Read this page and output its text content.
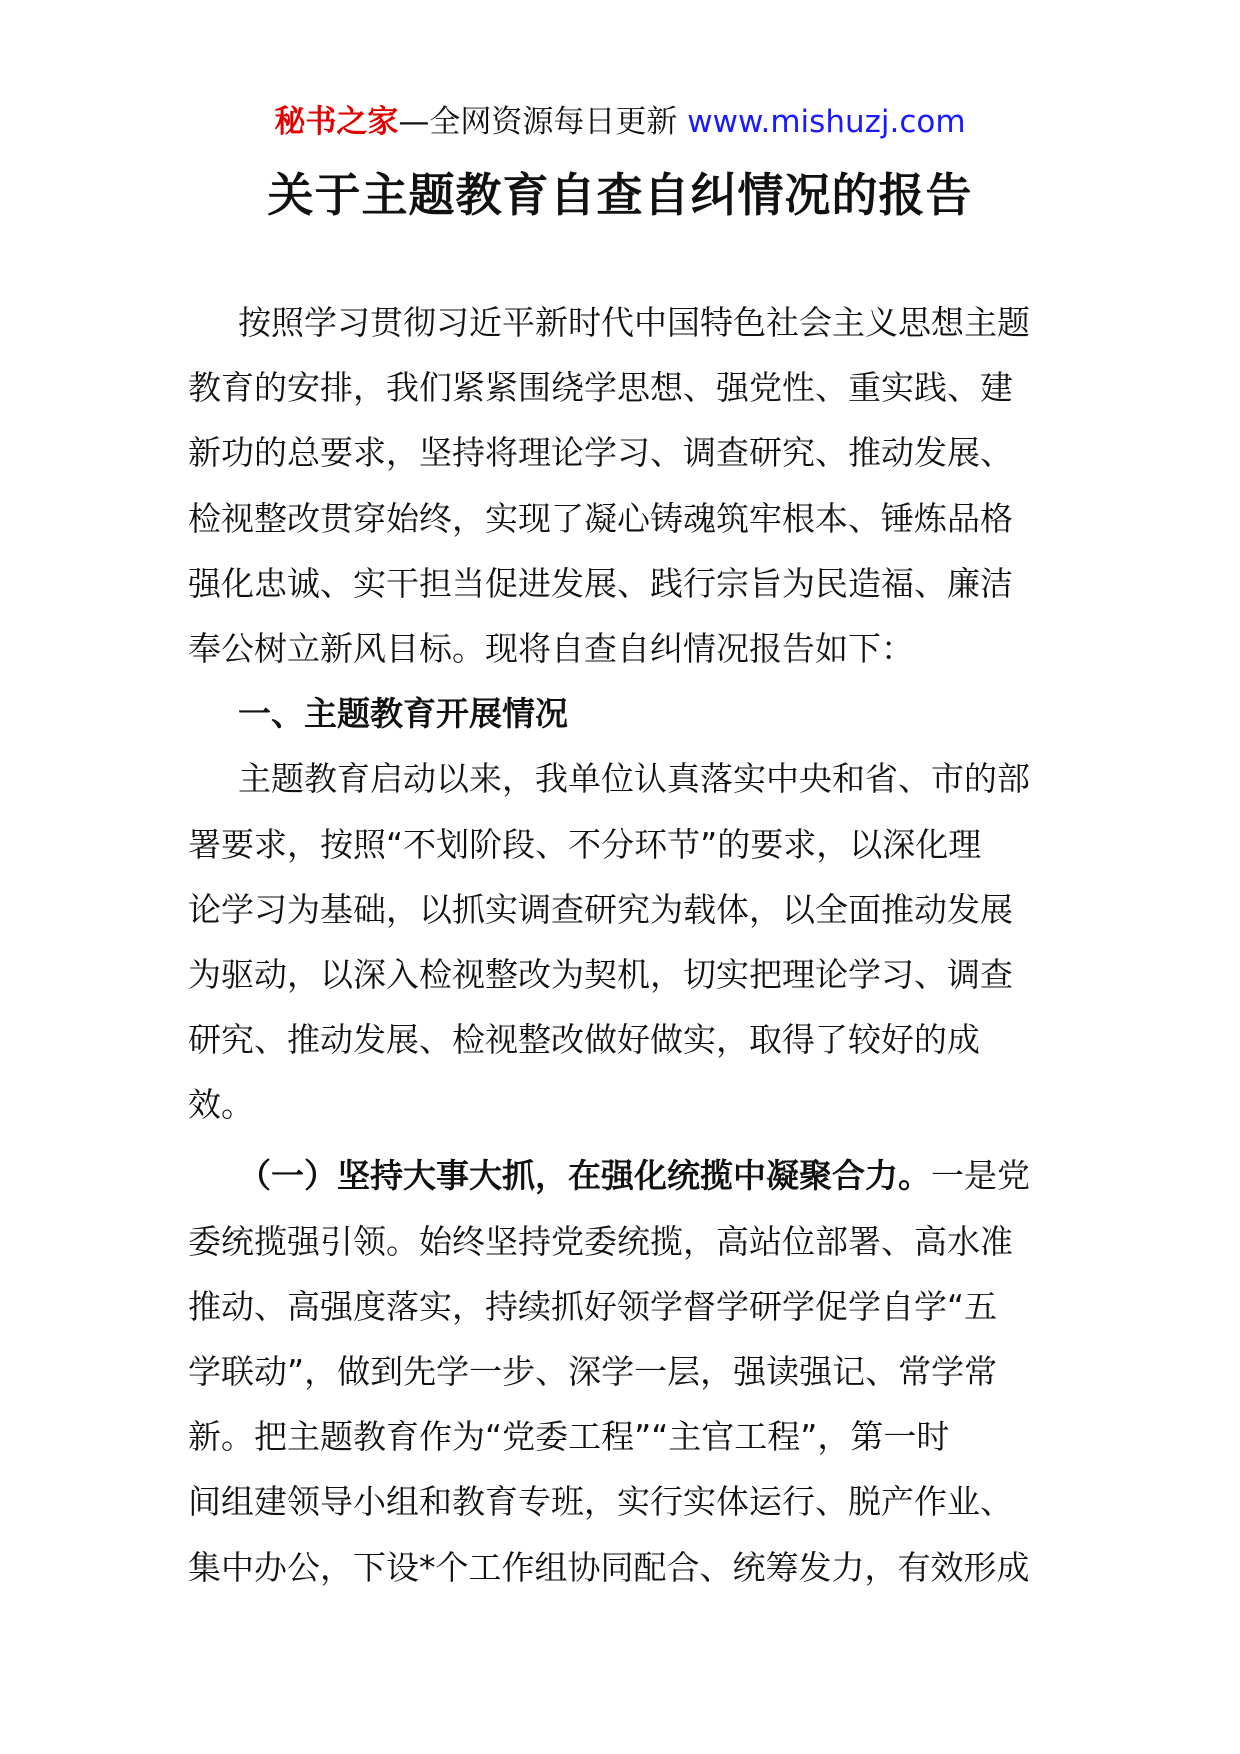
秘书之家—全网资源每日更新 www.mishuzj.com
关于主题教育自查自纠情况的报告
按照学习贯彻习近平新时代中国特色社会主义思想主题
教育的安排，我们紧紧围绕学思想、强党性、重实践、建
新功的总要求，坚持将理论学习、调查研究、推动发展、
检视整改贯穿始终，实现了凝心铸魂筑牢根本、锤炼品格
强化忠诚、实干担当促进发展、践行宗旨为民造福、廉洁
奉公树立新风目标。现将自查自纠情况报告如下：
一、主题教育开展情况
主题教育启动以来，我单位认真落实中央和省、市的部
署要求，按照“不划阶段、不分环节”的要求，以深化理
论学习为基础，以抓实调查研究为载体，以全面推动发展
为驱动，以深入检视整改为契机，切实把理论学习、调查
研究、推动发展、检视整改做好做实，取得了较好的成
效。
（一）坚持大事大抓，在强化统揽中凝聚合力。一是党
委统揽强引领。始终坚持党委统揽，高站位部署、高水准
推动、高强度落实，持续抓好领学督学研学促学自学“五
学联动”，做到先学一步、深学一层，强读强记、常学常
新。把主题教育作为“党委工程”“主官工程”，第一时
间组建领导小组和教育专班，实行实体运行、脱产作业、
集中办公，下设*个工作组协同配合、统筹发力，有效形成
